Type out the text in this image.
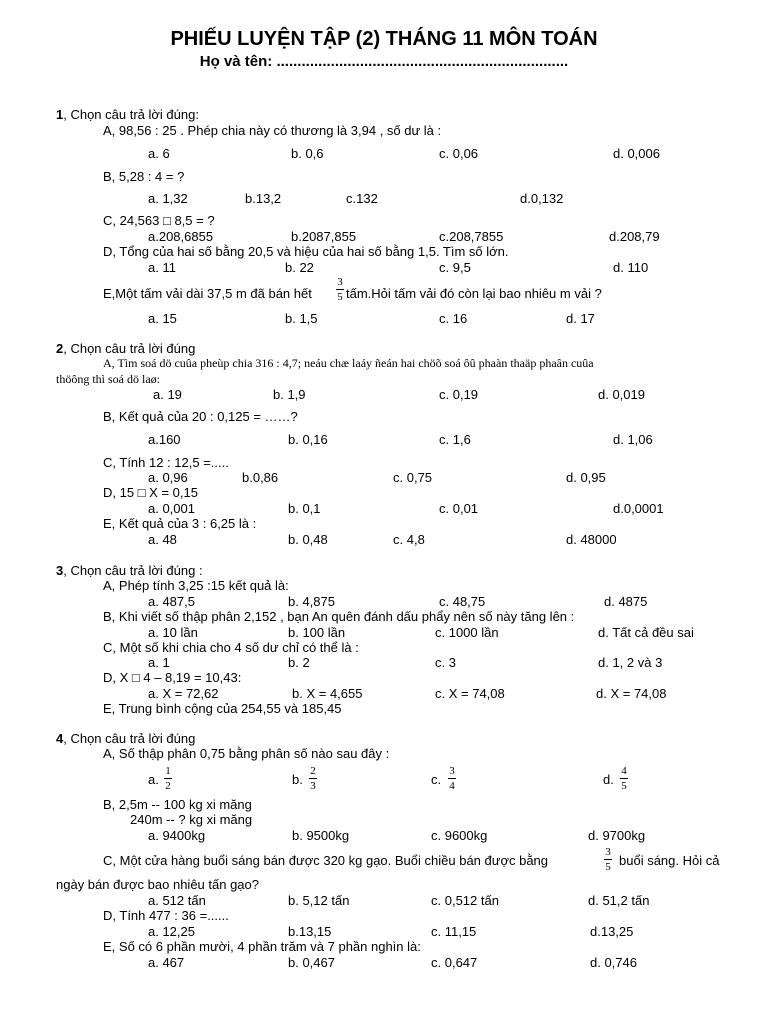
PHIẾU LUYỆN TẬP (2) THÁNG 11 MÔN TOÁN
Họ và tên: ......................................................................
1, Chọn câu trả lời đúng:
A, 98,56 : 25 . Phép chia này có thương là 3,94 , số dư là :
a. 6	b. 0,6	c. 0,06	d. 0,006
B, 5,28 : 4 = ?
a. 1,32	b.13,2	c.132	d.0,132
C, 24,563 □ 8,5 = ?
a.208,6855	b.2087,855	c.208,7855	d.208,79
D, Tổng của hai số bằng 20,5 và hiệu của hai số bằng 1,5. Tìm số lớn.
a. 11	b. 22	c. 9,5	d. 110
E,Một tấm vải dài 37,5 m đã bán hết
3
5 tấm.Hỏi tấm vải đó còn lại bao nhiêu m vải ?
a. 15	b. 1,5	c. 16	d. 17
2, Chọn câu trả lời đúng
A, Tìm soá dö cuûa pheùp chia 316 : 4,7; neáu chæ laáy ñeán hai chöõ soá ôû phaàn thaäp phaân cuûa
thöông thì soá dö laø:
a. 19	b. 1,9	c. 0,19	d. 0,019
B, Kết quả của 20 : 0,125 = ……?
a.160	b. 0,16	c. 1,6	d. 1,06
C, Tính 12 : 12,5 =.....
a. 0,96	b.0,86	c. 0,75	d. 0,95
D, 15 □ X = 0,15
a. 0,001	b. 0,1	c. 0,01	d.0,0001
E, Kết quả của 3 : 6,25 là :
a. 48	b. 0,48	c. 4,8	d. 48000
3, Chọn câu trả lời đúng :
A, Phép tính 3,25 :15 kết quả là:
a. 487,5	b. 4,875	c. 48,75	d. 4875
B, Khi viết số thập phân 2,152 , bạn An quên đánh dấu phẩy nên số này tăng lên :
a. 10 lần	b. 100 lần	c. 1000 lần	d. Tất cả đều sai
C, Một số khi chia cho 4 số dư chỉ có thể là :
a. 1	b. 2	c. 3	d. 1, 2 và 3
D, X □ 4 – 8,19 = 10,43:
a. X = 72,62	b. X = 4,655	c. X = 74,08	d. X = 74,08
E, Trung bình cộng của 254,55 và 185,45
4, Chọn câu trả lời đúng
A, Số thập phân 0,75 bằng phân số nào sau đây :
a.
1
2	b.
2
3	c.
3
4	d.
4
5
B, 2,5m -- 100 kg xi măng
240m -- ? kg xi măng
a. 9400kg	b. 9500kg	c. 9600kg	d. 9700kg
C, Một cửa hàng buổi sáng bán được 320 kg gạo. Buổi chiều bán được bằng
3
5 buổi sáng. Hỏi cả
ngày bán được bao nhiêu tấn gạo?
a. 512 tấn	b. 5,12 tấn	c. 0,512 tấn	d. 51,2 tấn
D, Tính 477 : 36 =......
a. 12,25	b.13,15	c. 11,15	d.13,25
E, Số có 6 phần mười, 4 phần trăm và 7 phần nghìn là:
a. 467	b. 0,467	c. 0,647	d. 0,746
